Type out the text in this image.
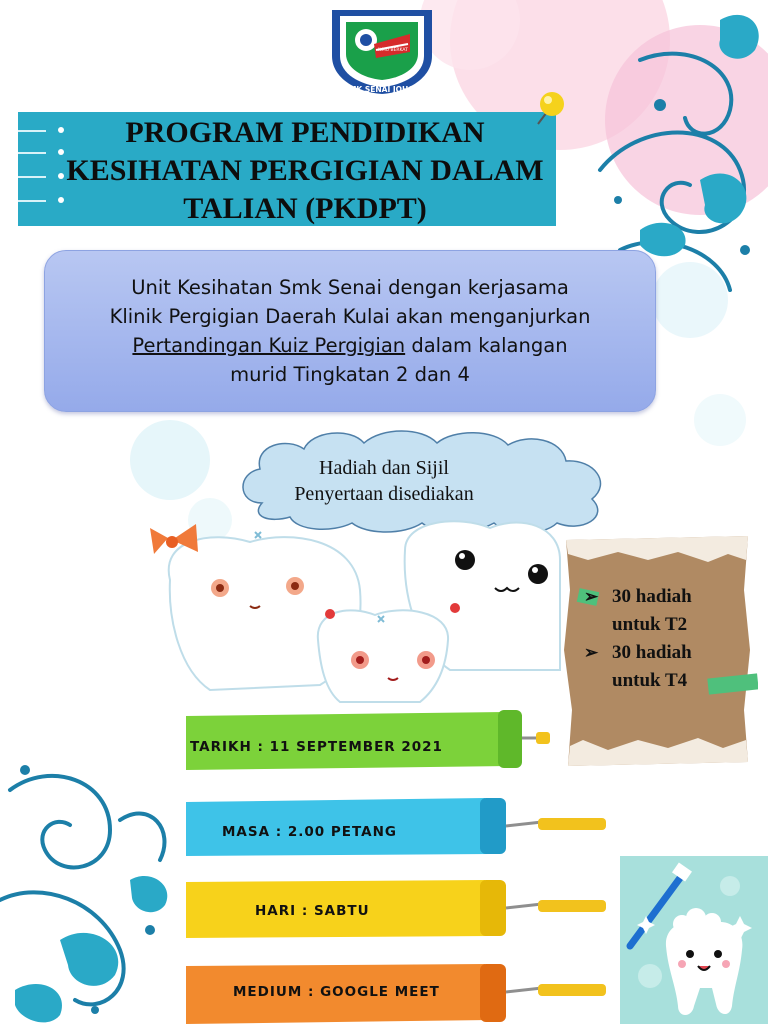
SMK SENAI JOHOR
ILMU BERKAT
PROGRAM PENDIDIKAN
KESIHATAN PERGIGIAN DALAM
TALIAN (PKDPT)
Unit Kesihatan Smk Senai dengan kerjasama
Klinik Pergigian Daerah Kulai akan menganjurkan
Pertandingan Kuiz Pergigian dalam kalangan
murid Tingkatan 2 dan 4
Hadiah dan Sijil
Penyertaan disediakan
➢ 30 hadiah
untuk T2
➢ 30 hadiah
untuk T4
TARIKH : 11 SEPTEMBER 2021
MASA : 2.00 PETANG
HARI : SABTU
MEDIUM : GOOGLE MEET
